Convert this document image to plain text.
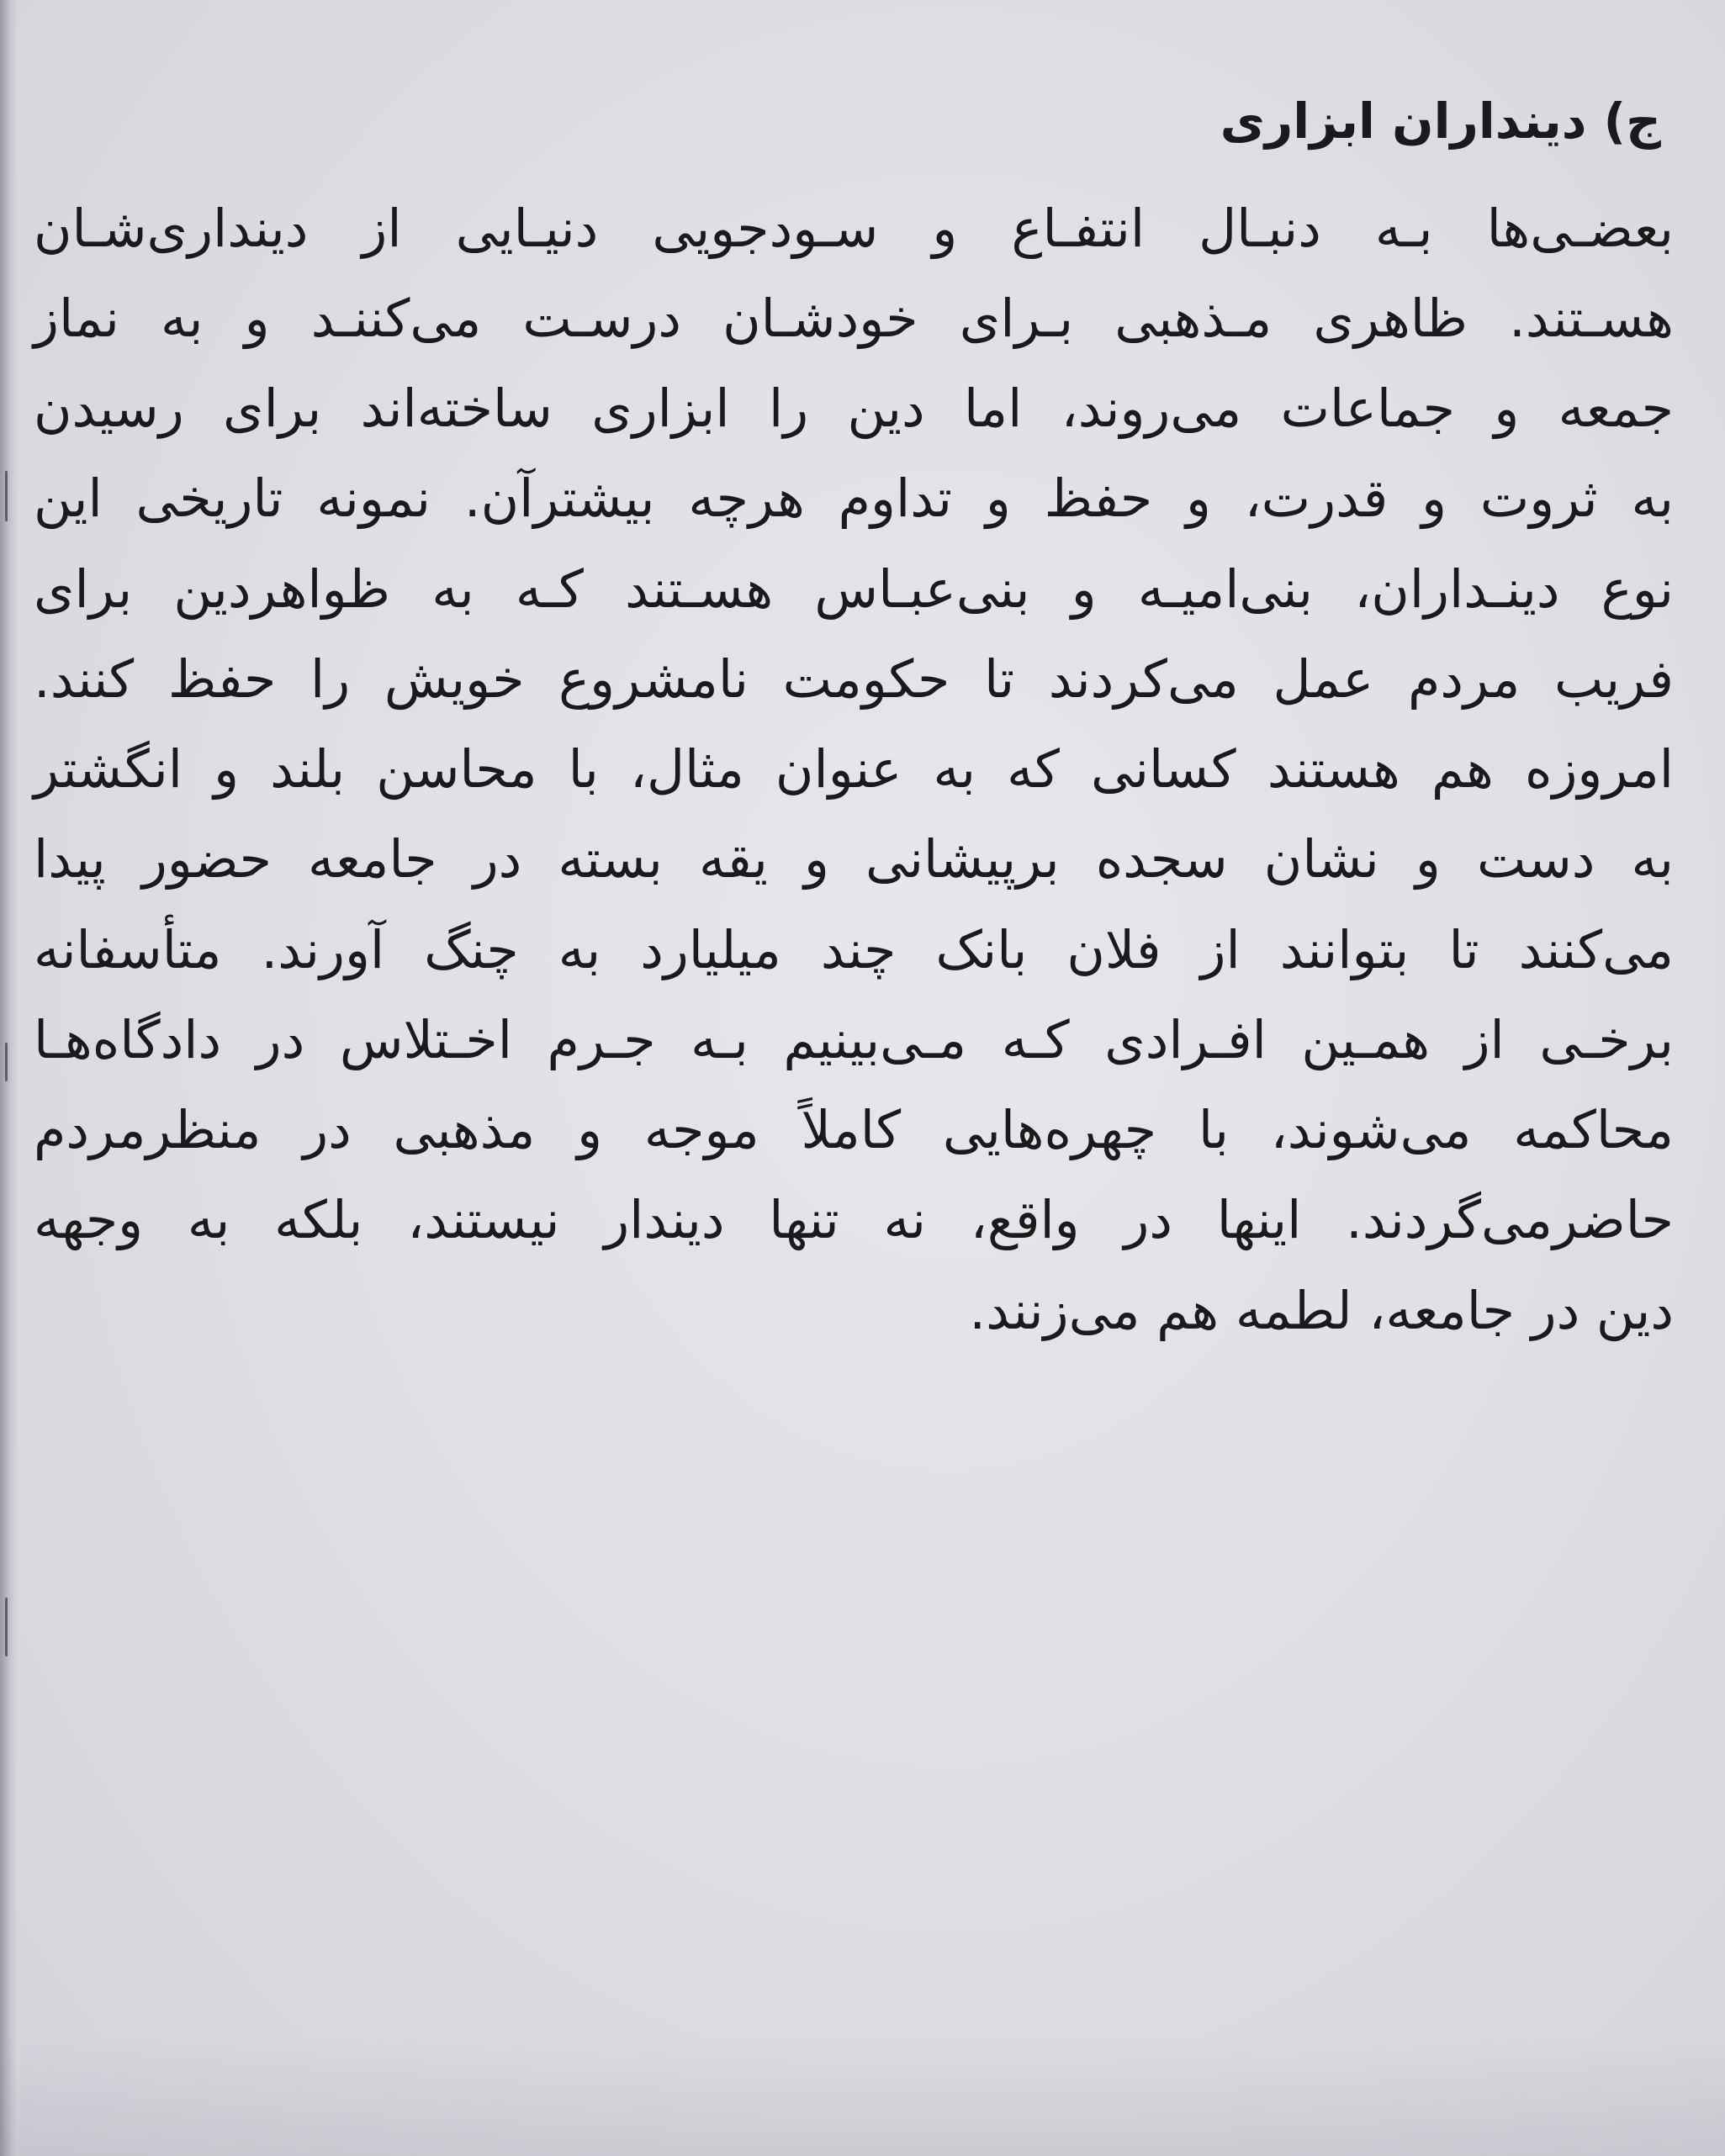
ج) دینداران ابزاری
بعضـی‌ها بـه دنبـال انتفـاع و سـودجویی دنیـایی از دینداری‌شـان
هسـتند. ظاهری مـذهبی بـرای خودشـان درسـت می‌کننـد و به نماز
جمعه و جماعات می‌روند، اما دین را ابزاری ساخته‌اند برای رسیدن
به ثروت و قدرت، و حفظ و تداوم هرچه بیشترآن. نمونه تاریخی این
نوع دینـداران، بنی‌امیـه و بنی‌عبـاس هسـتند کـه به ظواهردین برای
فریب مردم عمل می‌کردند تا حکومت نامشروع خویش را حفظ کنند.
امروزه هم هستند کسانی که به عنوان مثال، با محاسن بلند و انگشتر
به دست و نشان سجده برپیشانی و یقه بسته در جامعه حضور پیدا
می‌کنند تا بتوانند از فلان بانک چند میلیارد به چنگ آورند. متأسفانه
برخـی از همـین افـرادی کـه مـی‌بینیم بـه جـرم اخـتلاس در دادگاه‌هـا
محاکمه می‌شوند، با چهره‌هایی کاملاً موجه و مذهبی در منظرمردم
حاضرمی‌گردند. اینها در واقع، نه تنها دیندار نیستند، بلکه به وجهه
دین در جامعه، لطمه هم می‌زنند.
